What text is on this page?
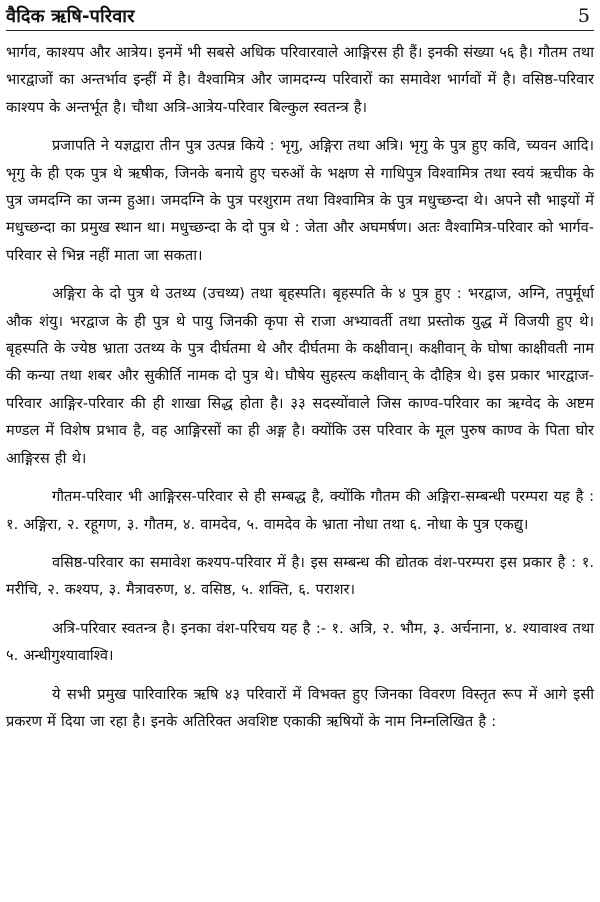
वैदिक ऋषि-परिवार	5

भार्गव, काश्यप और आत्रेय। इनमें भी सबसे अधिक परिवारवाले आङ्गिरस ही हैं। इनकी संख्या ५६ है। गौतम तथा भारद्वाजों का अन्तर्भाव इन्हीं में है। वैश्वामित्र और जामदग्न्य परिवारों का समावेश भार्गवों में है। वसिष्ठ-परिवार काश्यप के अन्तर्भूत है। चौथा अत्रि-आत्रेय-परिवार बिल्कुल स्वतन्त्र है।

प्रजापति ने यज्ञद्वारा तीन पुत्र उत्पन्न किये : भृगु, अङ्गिरा तथा अत्रि। भृगु के पुत्र हुए कवि, च्यवन आदि। भृगु के ही एक पुत्र थे ऋषीक, जिनके बनाये हुए चरुओं के भक्षण से गाधिपुत्र विश्वामित्र तथा स्वयं ऋचीक के पुत्र जमदग्नि का जन्म हुआ। जमदग्नि के पुत्र परशुराम तथा विश्वामित्र के पुत्र मधुच्छन्दा थे। अपने सौ भाइयों में मधुच्छन्दा का प्रमुख स्थान था। मधुच्छन्दा के दो पुत्र थे : जेता और अघमर्षण। अतः वैश्वामित्र-परिवार को भार्गव-परिवार से भिन्न नहीं माता जा सकता।

अङ्गिरा के दो पुत्र थे उतथ्य (उचथ्य) तथा बृहस्पति। बृहस्पति के ४ पुत्र हुए : भरद्वाज, अग्नि, तपुर्मूर्धा औक शंयु। भरद्वाज के ही पुत्र थे पायु जिनकी कृपा से राजा अभ्यावर्ती तथा प्रस्तोक युद्ध में विजयी हुए थे। बृहस्पति के ज्येष्ठ भ्राता उतथ्य के पुत्र दीर्घतमा थे और दीर्घतमा के कक्षीवान्। कक्षीवान् के घोषा काक्षीवती नाम की कन्या तथा शबर और सुकीर्ति नामक दो पुत्र थे। घौषेय सुहस्त्य कक्षीवान् के दौहित्र थे। इस प्रकार भारद्वाज-परिवार आङ्गिर-परिवार की ही शाखा सिद्ध होता है। ३३ सदस्योंवाले जिस काण्व-परिवार का ऋग्वेद के अष्टम मण्डल में विशेष प्रभाव है, वह आङ्गिरसों का ही अङ्ग है। क्योंकि उस परिवार के मूल पुरुष काण्व के पिता घोर आङ्गिरस ही थे।

गौतम-परिवार भी आङ्गिरस-परिवार से ही सम्बद्ध है, क्योंकि गौतम की अङ्गिरा-सम्बन्धी परम्परा यह है : १. अङ्गिरा, २. रहूगण, ३. गौतम, ४. वामदेव, ५. वामदेव के भ्राता नोधा तथा ६. नोधा के पुत्र एकद्यु।

वसिष्ठ-परिवार का समावेश कश्यप-परिवार में है। इस सम्बन्ध की द्योतक वंश-परम्परा इस प्रकार है : १. मरीचि, २. कश्यप, ३. मैत्रावरुण, ४. वसिष्ठ, ५. शक्ति, ६. पराशर।

अत्रि-परिवार स्वतन्त्र है। इनका वंश-परिचय यह है :- १. अत्रि, २. भौम, ३. अर्चनाना, ४. श्यावाश्व तथा ५. अन्धीगुश्यावाश्वि।

ये सभी प्रमुख पारिवारिक ऋषि ४३ परिवारों में विभक्त हुए जिनका विवरण विस्तृत रूप में आगे इसी प्रकरण में दिया जा रहा है। इनके अतिरिक्त अवशिष्ट एकाकी ऋषियों के नाम निम्नलिखित है :
